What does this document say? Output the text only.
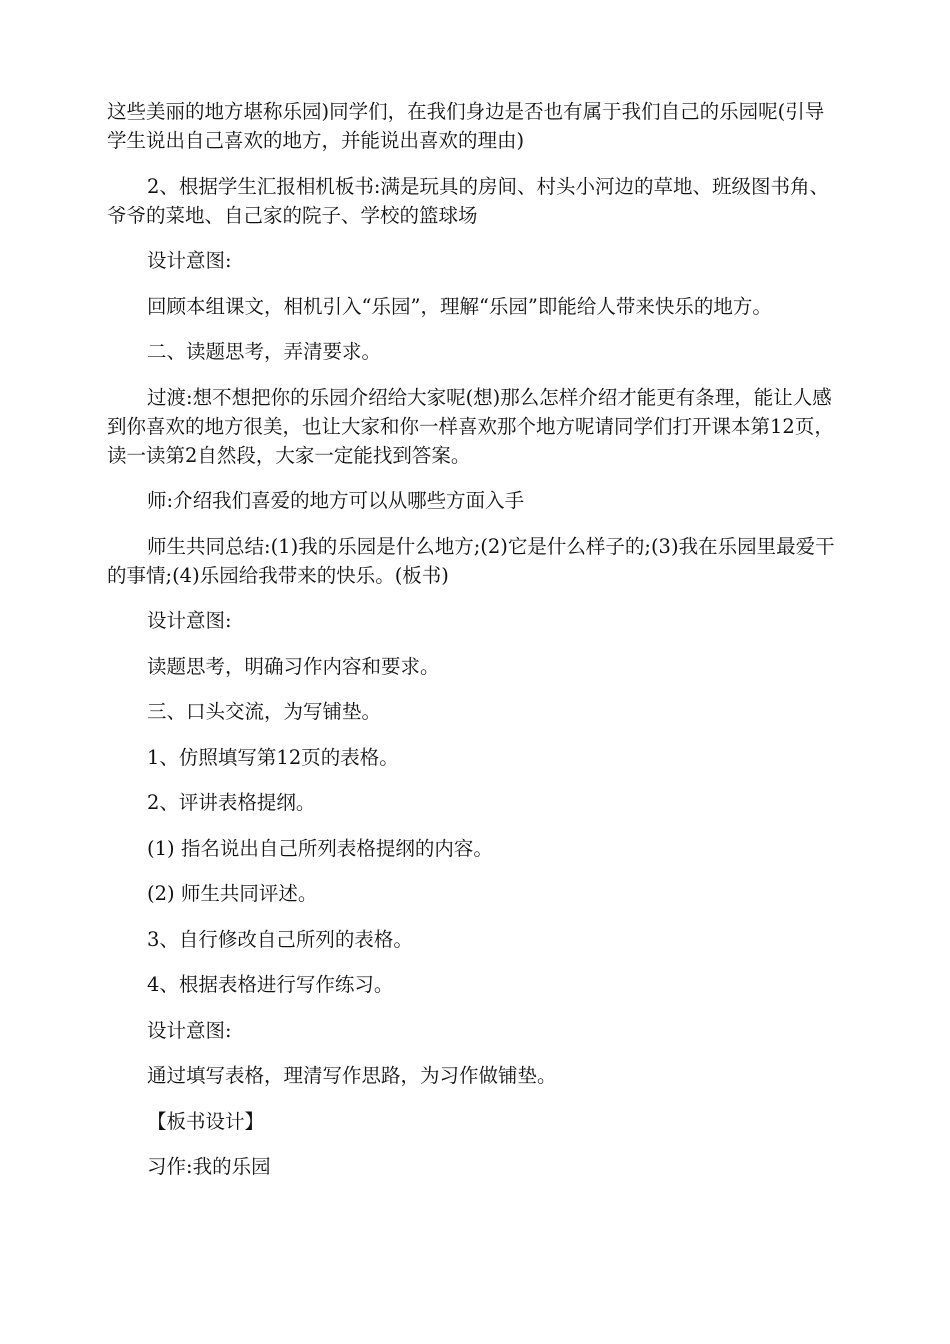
这些美丽的地方堪称乐园)同学们，在我们身边是否也有属于我们自己的乐园呢(引导学生说出自己喜欢的地方，并能说出喜欢的理由)

2、根据学生汇报相机板书:满是玩具的房间、村头小河边的草地、班级图书角、爷爷的菜地、自己家的院子、学校的篮球场

设计意图:

回顾本组课文，相机引入“乐园”，理解“乐园”即能给人带来快乐的地方。

二、读题思考，弄清要求。

过渡:想不想把你的乐园介绍给大家呢(想)那么怎样介绍才能更有条理，能让人感到你喜欢的地方很美，也让大家和你一样喜欢那个地方呢请同学们打开课本第12页，读一读第2自然段，大家一定能找到答案。

师:介绍我们喜爱的地方可以从哪些方面入手

师生共同总结:(1)我的乐园是什么地方;(2)它是什么样子的;(3)我在乐园里最爱干的事情;(4)乐园给我带来的快乐。(板书)

设计意图:

读题思考，明确习作内容和要求。

三、口头交流，为写铺垫。

1、仿照填写第12页的表格。

2、评讲表格提纲。

(1) 指名说出自己所列表格提纲的内容。

(2) 师生共同评述。

3、自行修改自己所列的表格。

4、根据表格进行写作练习。

设计意图:

通过填写表格，理清写作思路，为习作做铺垫。

【板书设计】

习作:我的乐园
